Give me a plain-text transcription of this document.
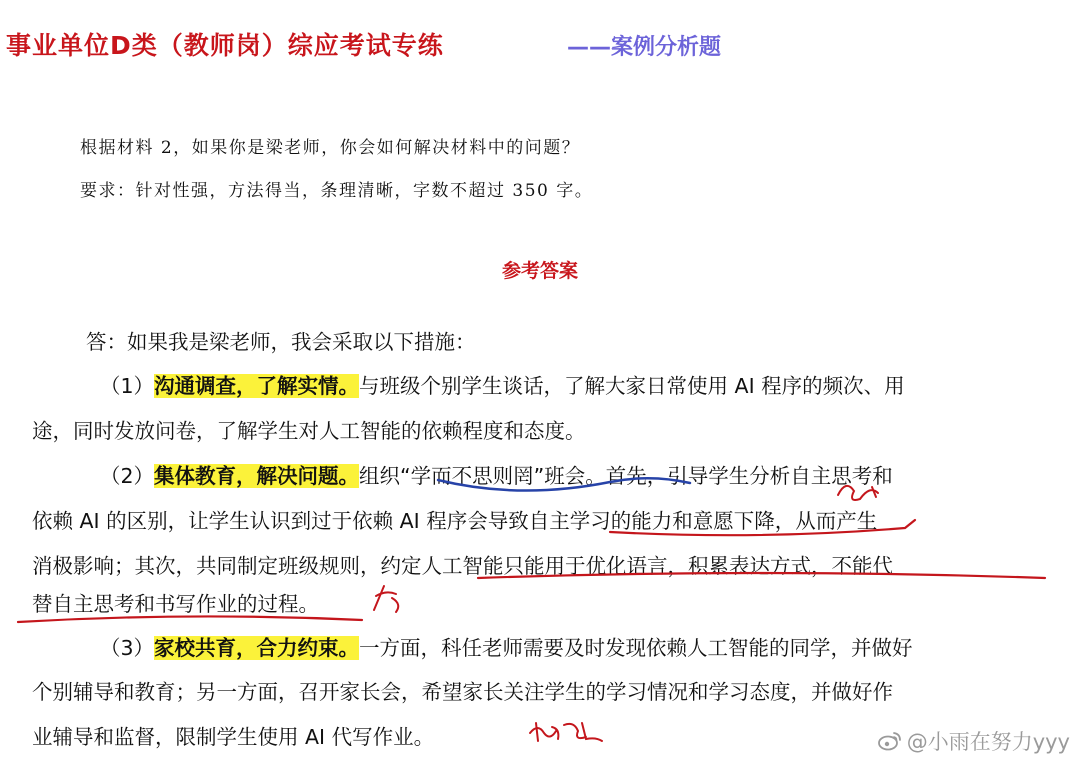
事业单位D类（教师岗）综应考试专练	——案例分析题
根据材料 2，如果你是梁老师，你会如何解决材料中的问题？
要求：针对性强，方法得当，条理清晰，字数不超过 350 字。
参考答案
答：如果我是梁老师，我会采取以下措施：
（1）沟通调查，了解实情。与班级个别学生谈话，了解大家日常使用 AI 程序的频次、用
途，同时发放问卷，了解学生对人工智能的依赖程度和态度。
（2）集体教育，解决问题。组织“学而不思则罔”班会。首先，引导学生分析自主思考和
依赖 AI 的区别，让学生认识到过于依赖 AI 程序会导致自主学习的能力和意愿下降，从而产生
消极影响；其次，共同制定班级规则，约定人工智能只能用于优化语言，积累表达方式，不能代
替自主思考和书写作业的过程。
（3）家校共育，合力约束。一方面，科任老师需要及时发现依赖人工智能的同学，并做好
个别辅导和教育；另一方面，召开家长会，希望家长关注学生的学习情况和学习态度，并做好作
业辅导和监督，限制学生使用 AI 代写作业。	@小雨在努力yyy
